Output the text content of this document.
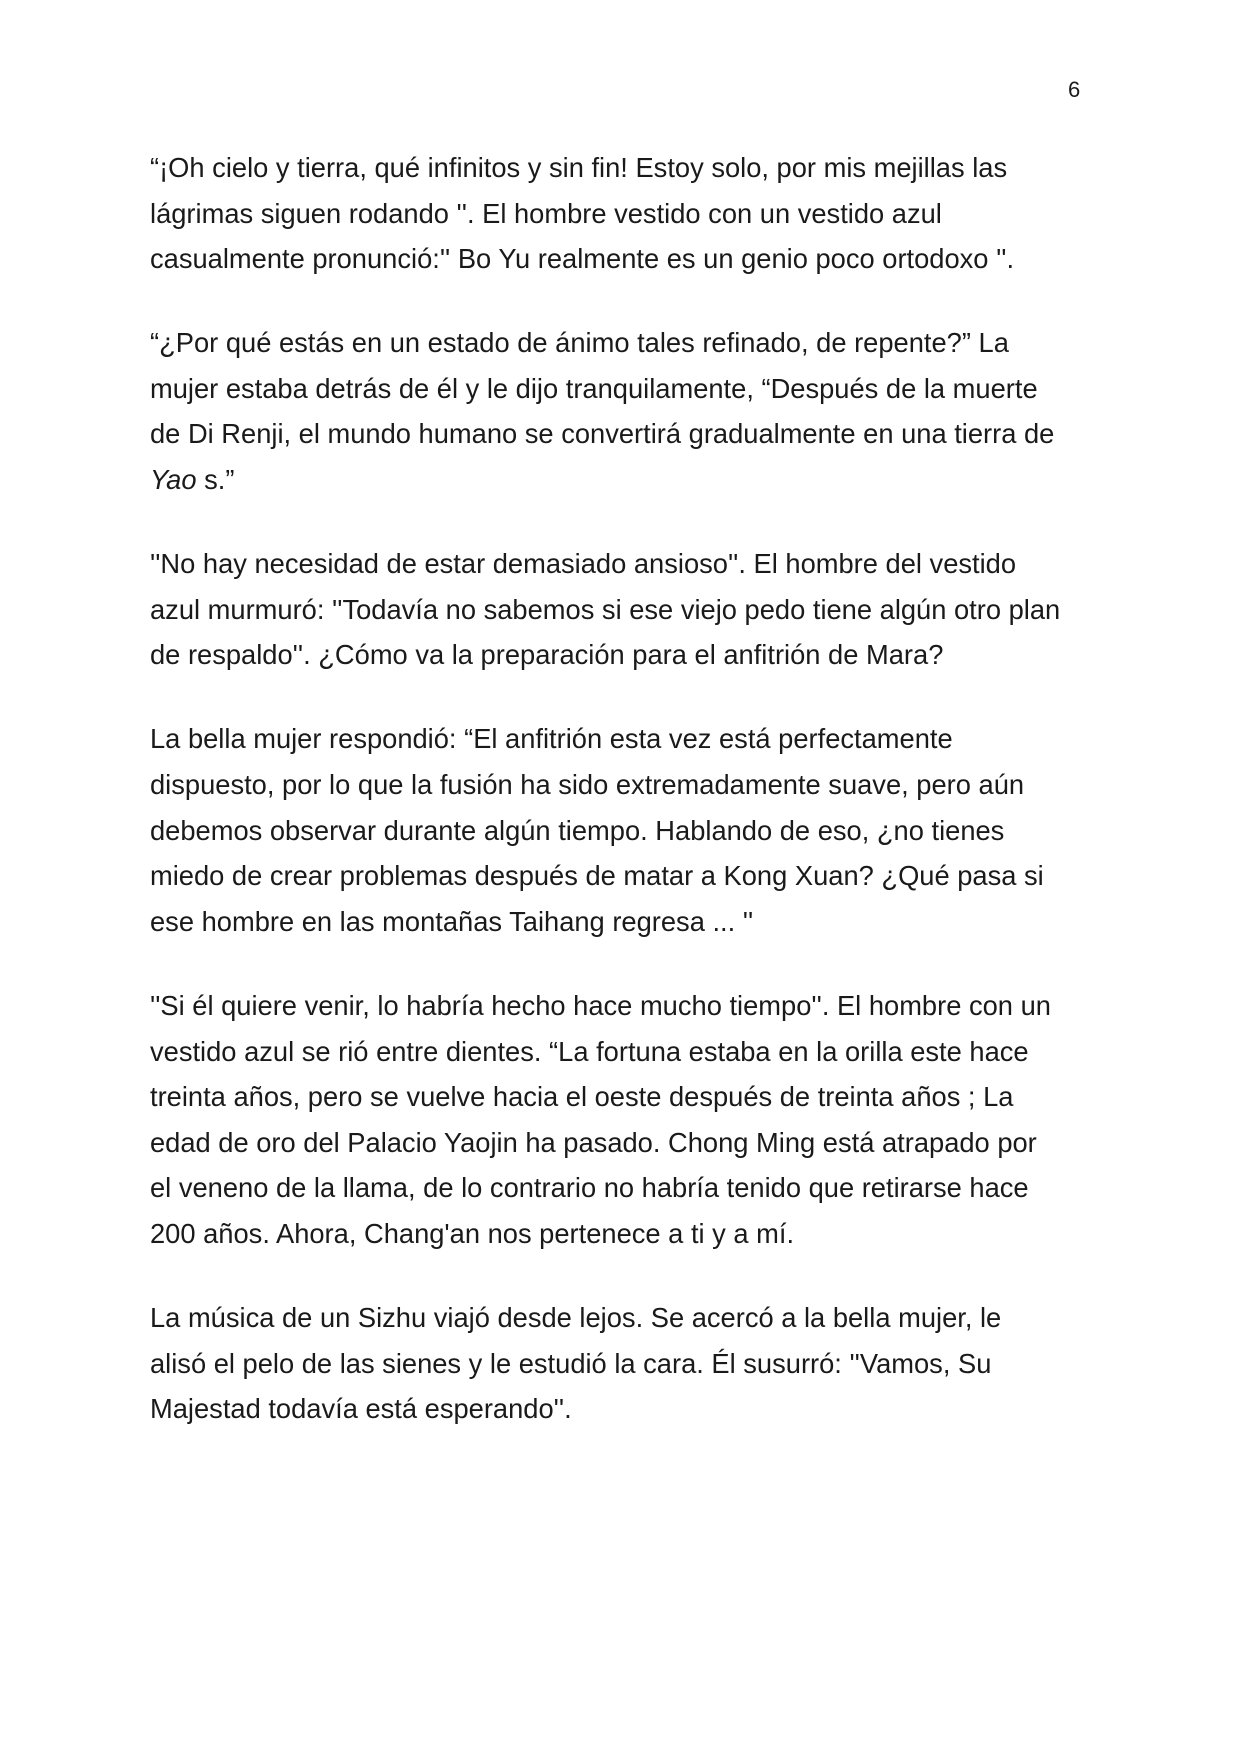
6

“¡Oh cielo y tierra, qué infinitos y sin fin! Estoy solo, por mis mejillas las
lágrimas siguen rodando ''. El hombre vestido con un vestido azul
casualmente pronunció:'' Bo Yu realmente es un genio poco ortodoxo ''.

“¿Por qué estás en un estado de ánimo tales refinado, de repente?” La
mujer estaba detrás de él y le dijo tranquilamente, “Después de la muerte
de Di Renji, el mundo humano se convertirá gradualmente en una tierra de
Yao s.”

''No hay necesidad de estar demasiado ansioso''. El hombre del vestido
azul murmuró: ''Todavía no sabemos si ese viejo pedo tiene algún otro plan
de respaldo''. ¿Cómo va la preparación para el anfitrión de Mara?

La bella mujer respondió: “El anfitrión esta vez está perfectamente
dispuesto, por lo que la fusión ha sido extremadamente suave, pero aún
debemos observar durante algún tiempo. Hablando de eso, ¿no tienes
miedo de crear problemas después de matar a Kong Xuan? ¿Qué pasa si
ese hombre en las montañas Taihang regresa ... ''

''Si él quiere venir, lo habría hecho hace mucho tiempo''. El hombre con un
vestido azul se rió entre dientes. “La fortuna estaba en la orilla este hace
treinta años, pero se vuelve hacia el oeste después de treinta años ; La
edad de oro del Palacio Yaojin ha pasado. Chong Ming está atrapado por
el veneno de la llama, de lo contrario no habría tenido que retirarse hace
200 años. Ahora, Chang'an nos pertenece a ti y a mí.

La música de un Sizhu viajó desde lejos. Se acercó a la bella mujer, le
alisó el pelo de las sienes y le estudió la cara. Él susurró: ''Vamos, Su
Majestad todavía está esperando''.
